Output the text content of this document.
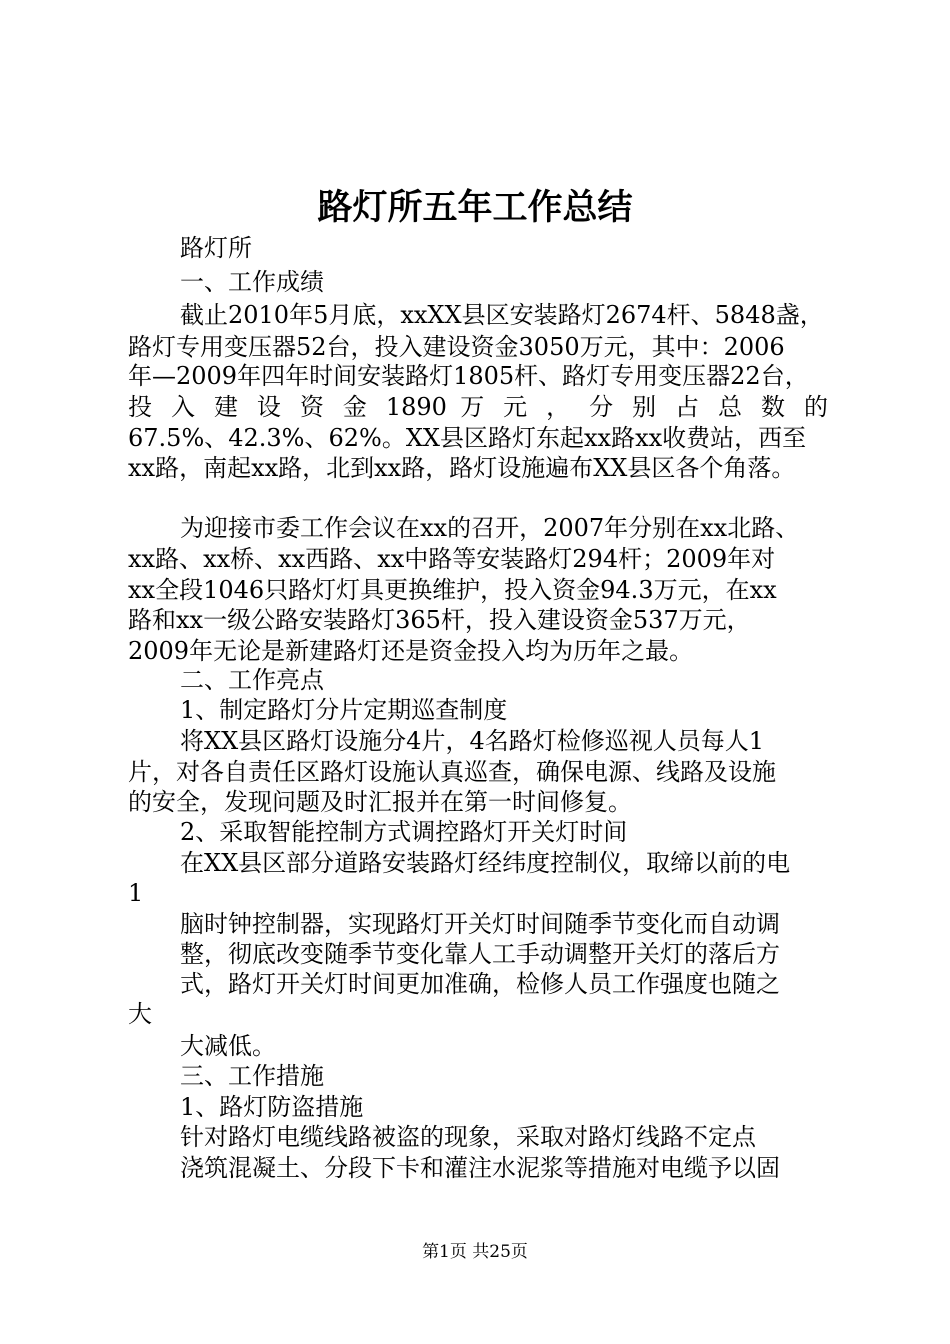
路灯所五年工作总结
路灯所
一、工作成绩
截止2010年5月底，xxXX县区安装路灯2674杆、5848盏，
路灯专用变压器52台，投入建设资金3050万元，其中：2006
年—2009年四年时间安装路灯1805杆、路灯专用变压器22台，
投 入 建 设 资 金 1890 万 元 ， 分 别 占 总 数 的
67.5%、42.3%、62%。XX县区路灯东起xx路xx收费站，西至
xx路，南起xx路，北到xx路，路灯设施遍布XX县区各个角落。
为迎接市委工作会议在xx的召开，2007年分别在xx北路、
xx路、xx桥、xx西路、xx中路等安装路灯294杆；2009年对
xx全段1046只路灯灯具更换维护，投入资金94.3万元，在xx
路和xx一级公路安装路灯365杆，投入建设资金537万元，
2009年无论是新建路灯还是资金投入均为历年之最。
二、工作亮点
1、制定路灯分片定期巡查制度
将XX县区路灯设施分4片，4名路灯检修巡视人员每人1
片，对各自责任区路灯设施认真巡查，确保电源、线路及设施
的安全，发现问题及时汇报并在第一时间修复。
2、采取智能控制方式调控路灯开关灯时间
在XX县区部分道路安装路灯经纬度控制仪，取缔以前的电
1
脑时钟控制器，实现路灯开关灯时间随季节变化而自动调
整，彻底改变随季节变化靠人工手动调整开关灯的落后方
式，路灯开关灯时间更加准确，检修人员工作强度也随之
大
大减低。
三、工作措施
1、路灯防盗措施
针对路灯电缆线路被盗的现象，采取对路灯线路不定点
浇筑混凝土、分段下卡和灌注水泥浆等措施对电缆予以固
第1页 共25页
